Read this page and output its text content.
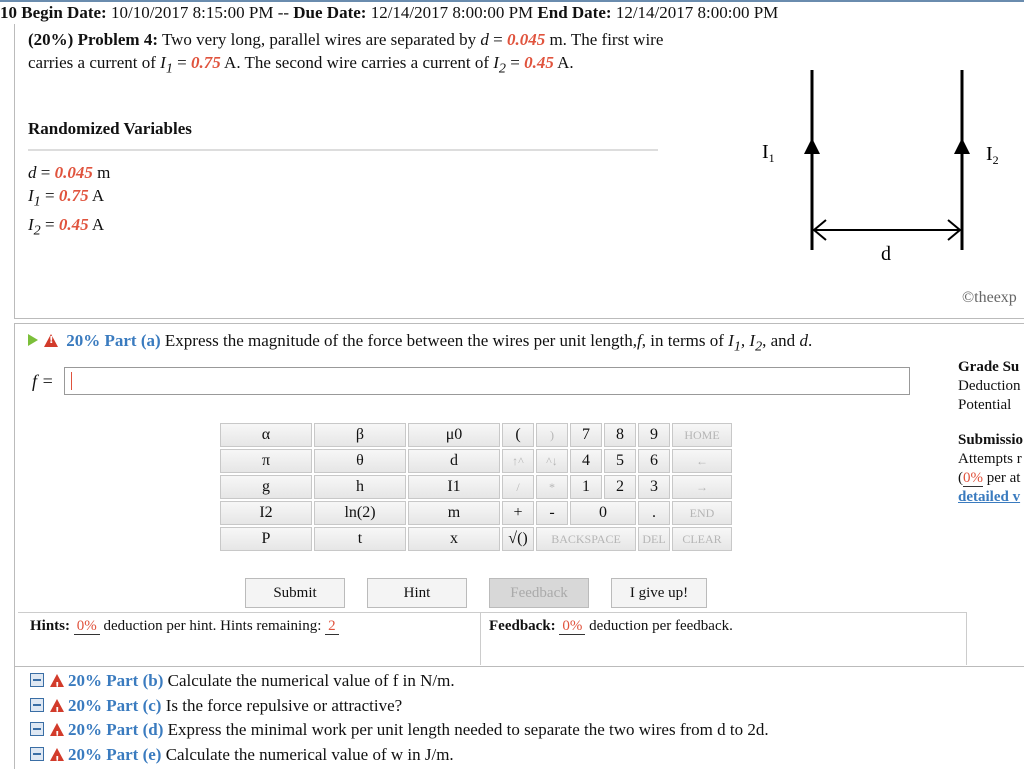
10 Begin Date: 10/10/2017 8:15:00 PM -- Due Date: 12/14/2017 8:00:00 PM End Date: 12/14/2017 8:00:00 PM
(20%) Problem 4: Two very long, parallel wires are separated by d = 0.045 m. The first wire carries a current of $I_1 = 0.75$ A. The second wire carries a current of $I_2 = 0.45$ A.
Randomized Variables
d = 0.045 m
$I_1 = 0.75$ A
$I_2 = 0.45$ A
$I_1$	$I_2$
d
©theexp
! 20% Part (a) Express the magnitude of the force between the wires per unit length,f, in terms of $I_1$, $I_2$, and d.
f =
α	β	μ0	(	)	7	8	9	HOME
π	θ	d	↑^	^↓	4	5	6	←
g	h	I1	/	*	1	2	3	→
I2	ln(2)	m	+	-	0		.	END
P	t	x	√()	BACKSPACE			DEL	CLEAR
Submit	Hint	Feedback	I give up!
Hints: 0% deduction per hint. Hints remaining: 2	Feedback: 0% deduction per feedback.
Grade Su
Deduction
Potential
Submissio
Attempts r
(0% per at
detailed v
!20% Part (b) Calculate the numerical value of f in N/m.
!20% Part (c) Is the force repulsive or attractive?
!20% Part (d) Express the minimal work per unit length needed to separate the two wires from d to 2d.
!20% Part (e) Calculate the numerical value of w in J/m.
